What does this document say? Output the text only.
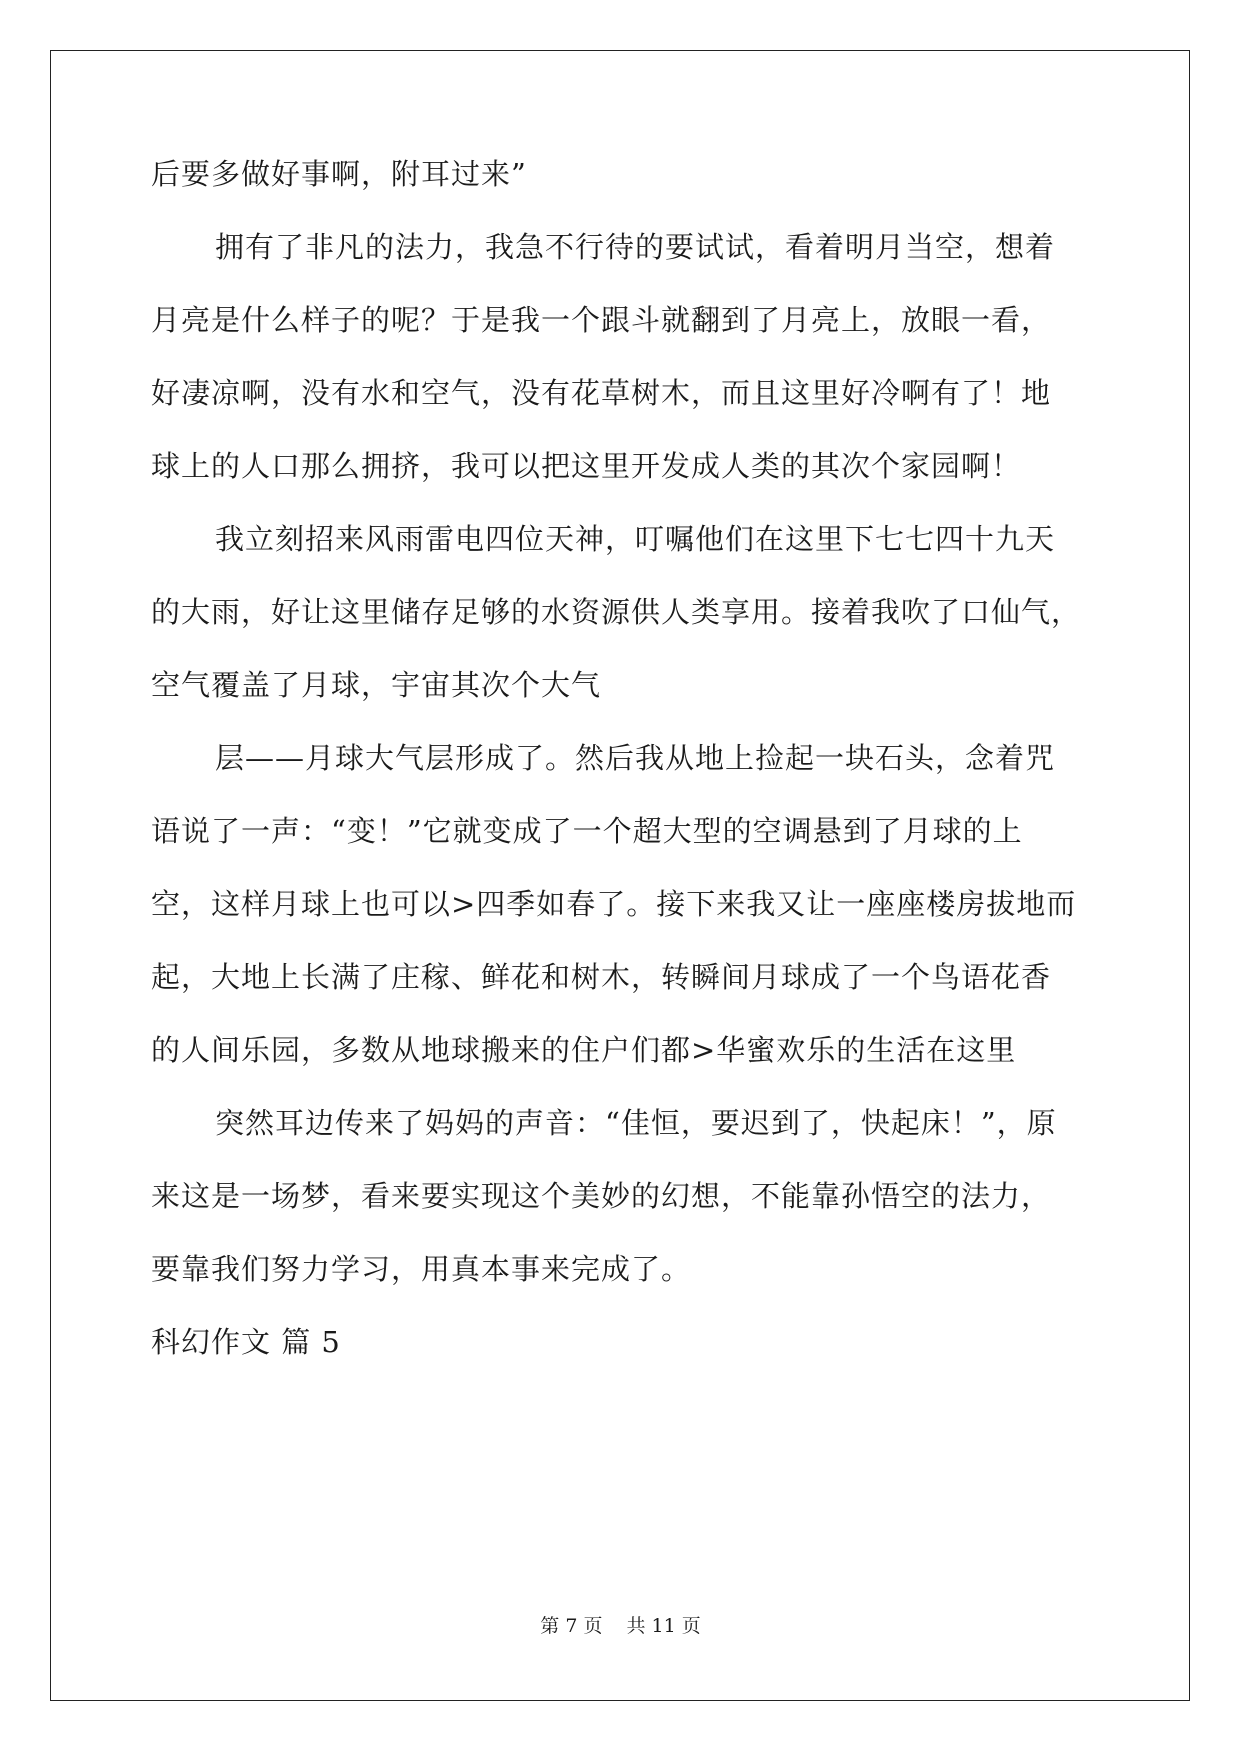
后要多做好事啊，附耳过来”
拥有了非凡的法力，我急不行待的要试试，看着明月当空，想着
月亮是什么样子的呢？于是我一个跟斗就翻到了月亮上，放眼一看，
好凄凉啊，没有水和空气，没有花草树木，而且这里好冷啊有了！地
球上的人口那么拥挤，我可以把这里开发成人类的其次个家园啊！
我立刻招来风雨雷电四位天神，叮嘱他们在这里下七七四十九天
的大雨，好让这里储存足够的水资源供人类享用。接着我吹了口仙气，
空气覆盖了月球，宇宙其次个大气
层——月球大气层形成了。然后我从地上捡起一块石头，念着咒
语说了一声：“变！”它就变成了一个超大型的空调悬到了月球的上
空，这样月球上也可以>四季如春了。接下来我又让一座座楼房拔地而
起，大地上长满了庄稼、鲜花和树木，转瞬间月球成了一个鸟语花香
的人间乐园，多数从地球搬来的住户们都>华蜜欢乐的生活在这里
突然耳边传来了妈妈的声音：“佳恒，要迟到了，快起床！”，原
来这是一场梦，看来要实现这个美妙的幻想，不能靠孙悟空的法力，
要靠我们努力学习，用真本事来完成了。
科幻作文 篇 5
第 7 页 共 11 页
